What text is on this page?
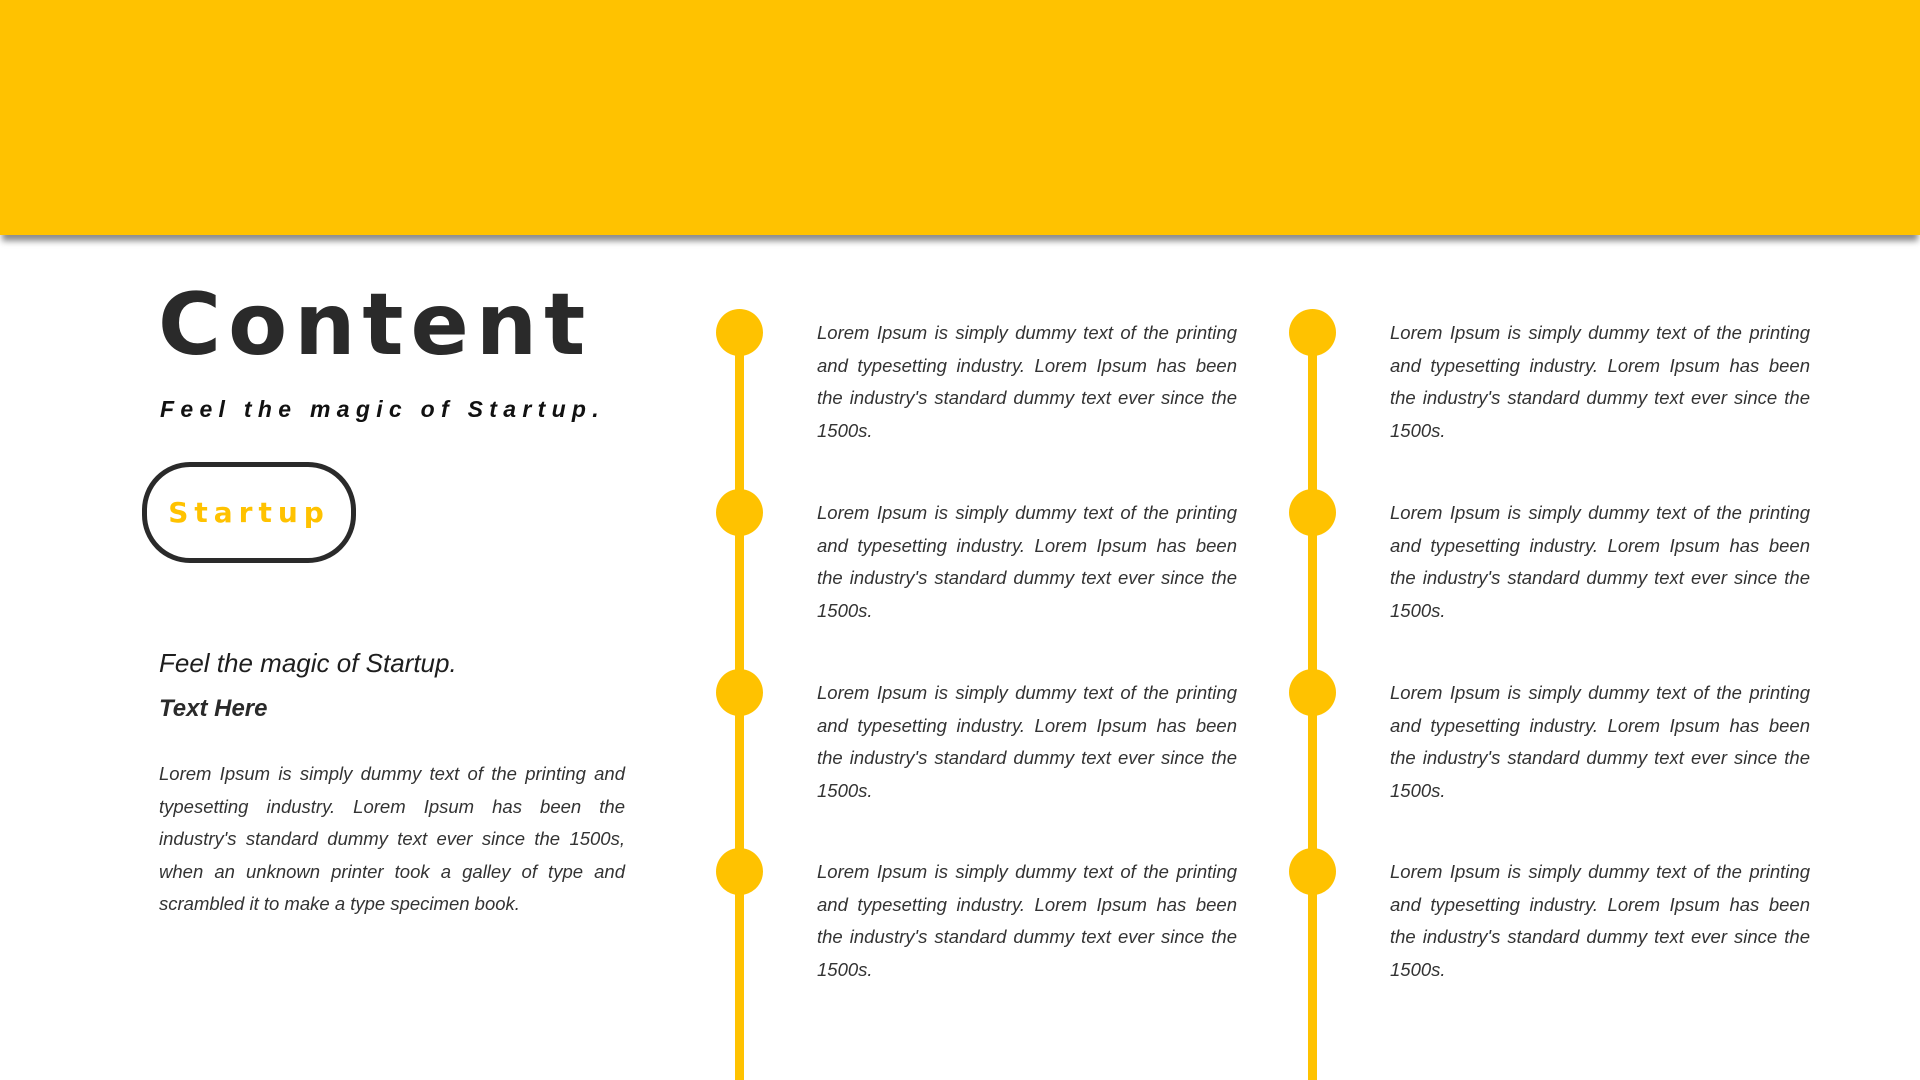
Content
Feel the magic of Startup.
Startup
Feel the magic of Startup.
Text Here

Lorem Ipsum is simply dummy text of the printing and typesetting industry. Lorem Ipsum has been the industry's standard dummy text ever since the 1500s, when an unknown printer took a galley of type and scrambled it to make a type specimen book.

Lorem Ipsum is simply dummy text of the printing and typesetting industry. Lorem Ipsum has been the industry's standard dummy text ever since the 1500s.

Lorem Ipsum is simply dummy text of the printing and typesetting industry. Lorem Ipsum has been the industry's standard dummy text ever since the 1500s.

Lorem Ipsum is simply dummy text of the printing and typesetting industry. Lorem Ipsum has been the industry's standard dummy text ever since the 1500s.

Lorem Ipsum is simply dummy text of the printing and typesetting industry. Lorem Ipsum has been the industry's standard dummy text ever since the 1500s.

Lorem Ipsum is simply dummy text of the printing and typesetting industry. Lorem Ipsum has been the industry's standard dummy text ever since the 1500s.

Lorem Ipsum is simply dummy text of the printing and typesetting industry. Lorem Ipsum has been the industry's standard dummy text ever since the 1500s.

Lorem Ipsum is simply dummy text of the printing and typesetting industry. Lorem Ipsum has been the industry's standard dummy text ever since the 1500s.

Lorem Ipsum is simply dummy text of the printing and typesetting industry. Lorem Ipsum has been the industry's standard dummy text ever since the 1500s.
